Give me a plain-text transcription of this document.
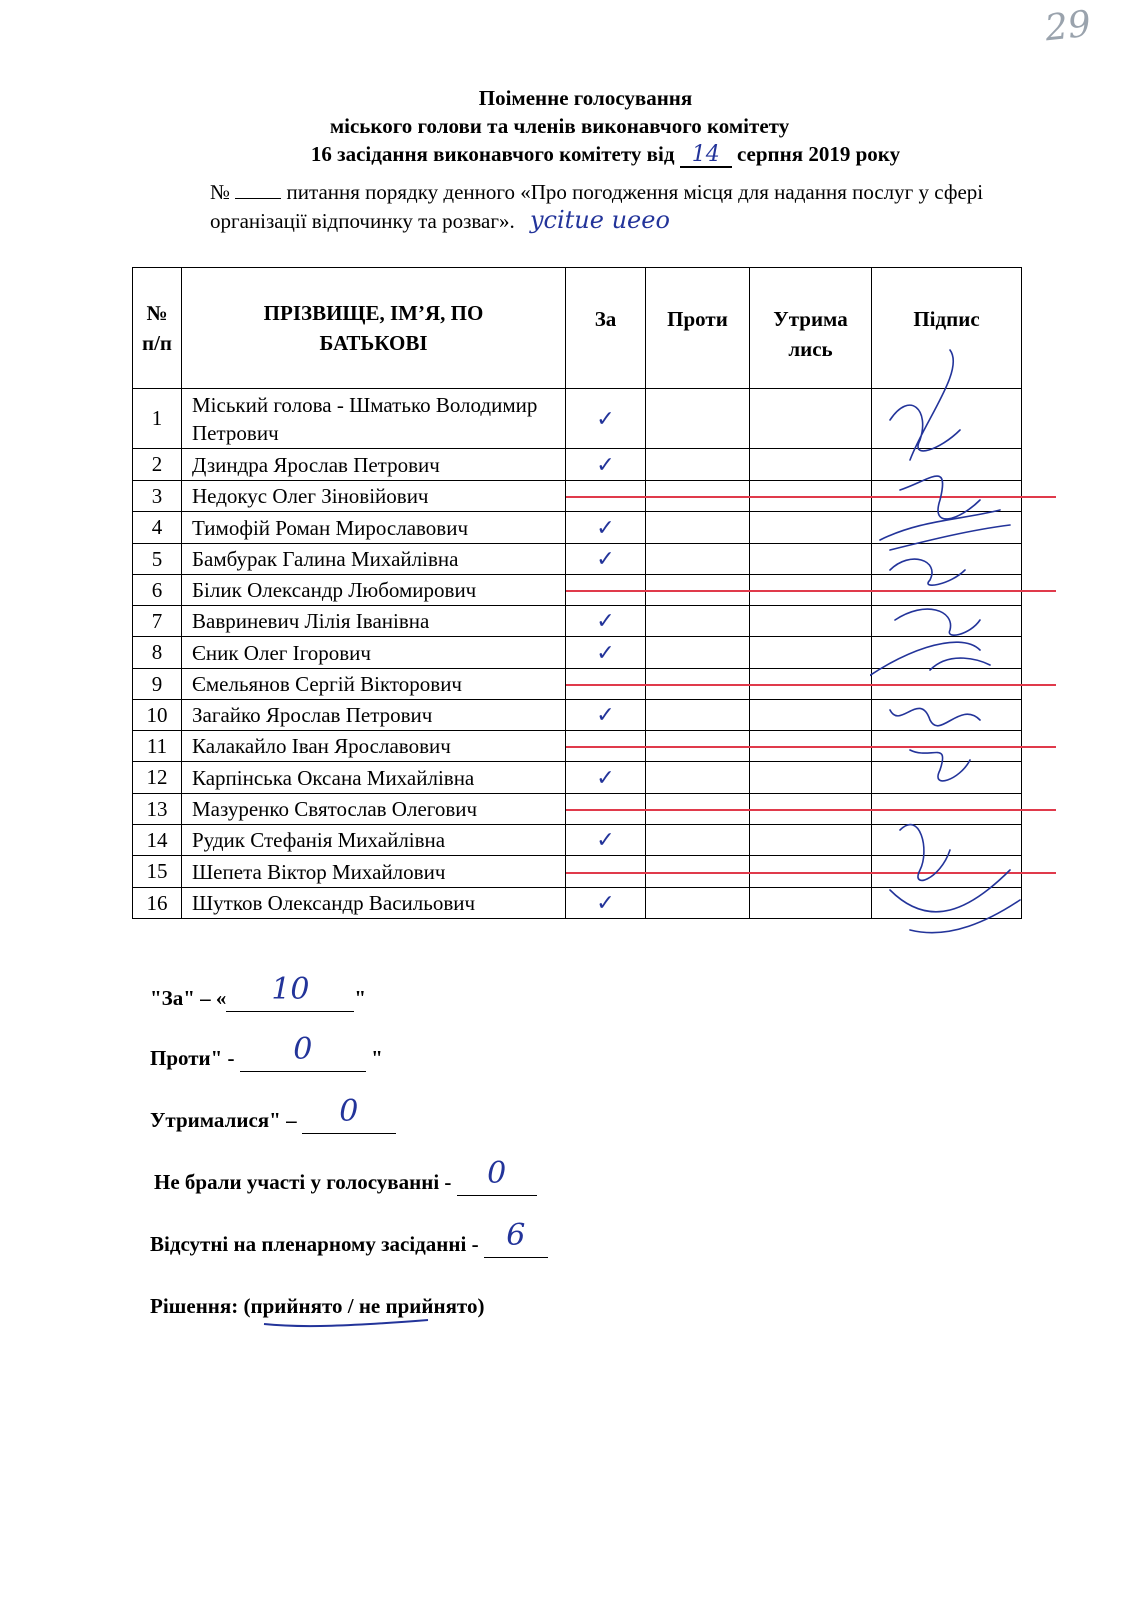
29
Поіменне голосування
міського голови та членів виконавчого комітету
16 засідання виконавчого комітету від 14 серпня 2019 року
№	питання порядку денного «Про погодження місця для надання послуг у сфері організації відпочинку та розваг». ycitue ueeo
№ п/п	ПРІЗВИЩЕ, ІМ’Я, ПО БАТЬКОВІ	За	Проти	Утрима лись	Підпис
1	Міський голова - Шматько Володимир Петрович	✓			
2	Дзиндра Ярослав Петрович	✓			
3	Недокус Олег Зіновійович				
4	Тимофій Роман Мирославович	✓			
5	Бамбурак Галина Михайлівна	✓			
6	Білик Олександр Любомирович				
7	Вавриневич Лілія Іванівна	✓			
8	Єник Олег Ігорович	✓			
9	Ємельянов Сергій Вікторович				
10	Загайко Ярослав Петрович	✓			
11	Калакайло Іван Ярославович				
12	Карпінська Оксана Михайлівна	✓			
13	Мазуренко Святослав Олегович				
14	Рудик Стефанія Михайлівна	✓			
15	Шепета Віктор Михайлович				
16	Шутков Олександр Васильович	✓			
"За" – «	10	"
Проти" -	0	"
Утрималися" –	0

Не брали участі у голосуванні -	0

Відсутні на пленарному засіданні - 6

Рішення: (прийнято / не прийнято)
